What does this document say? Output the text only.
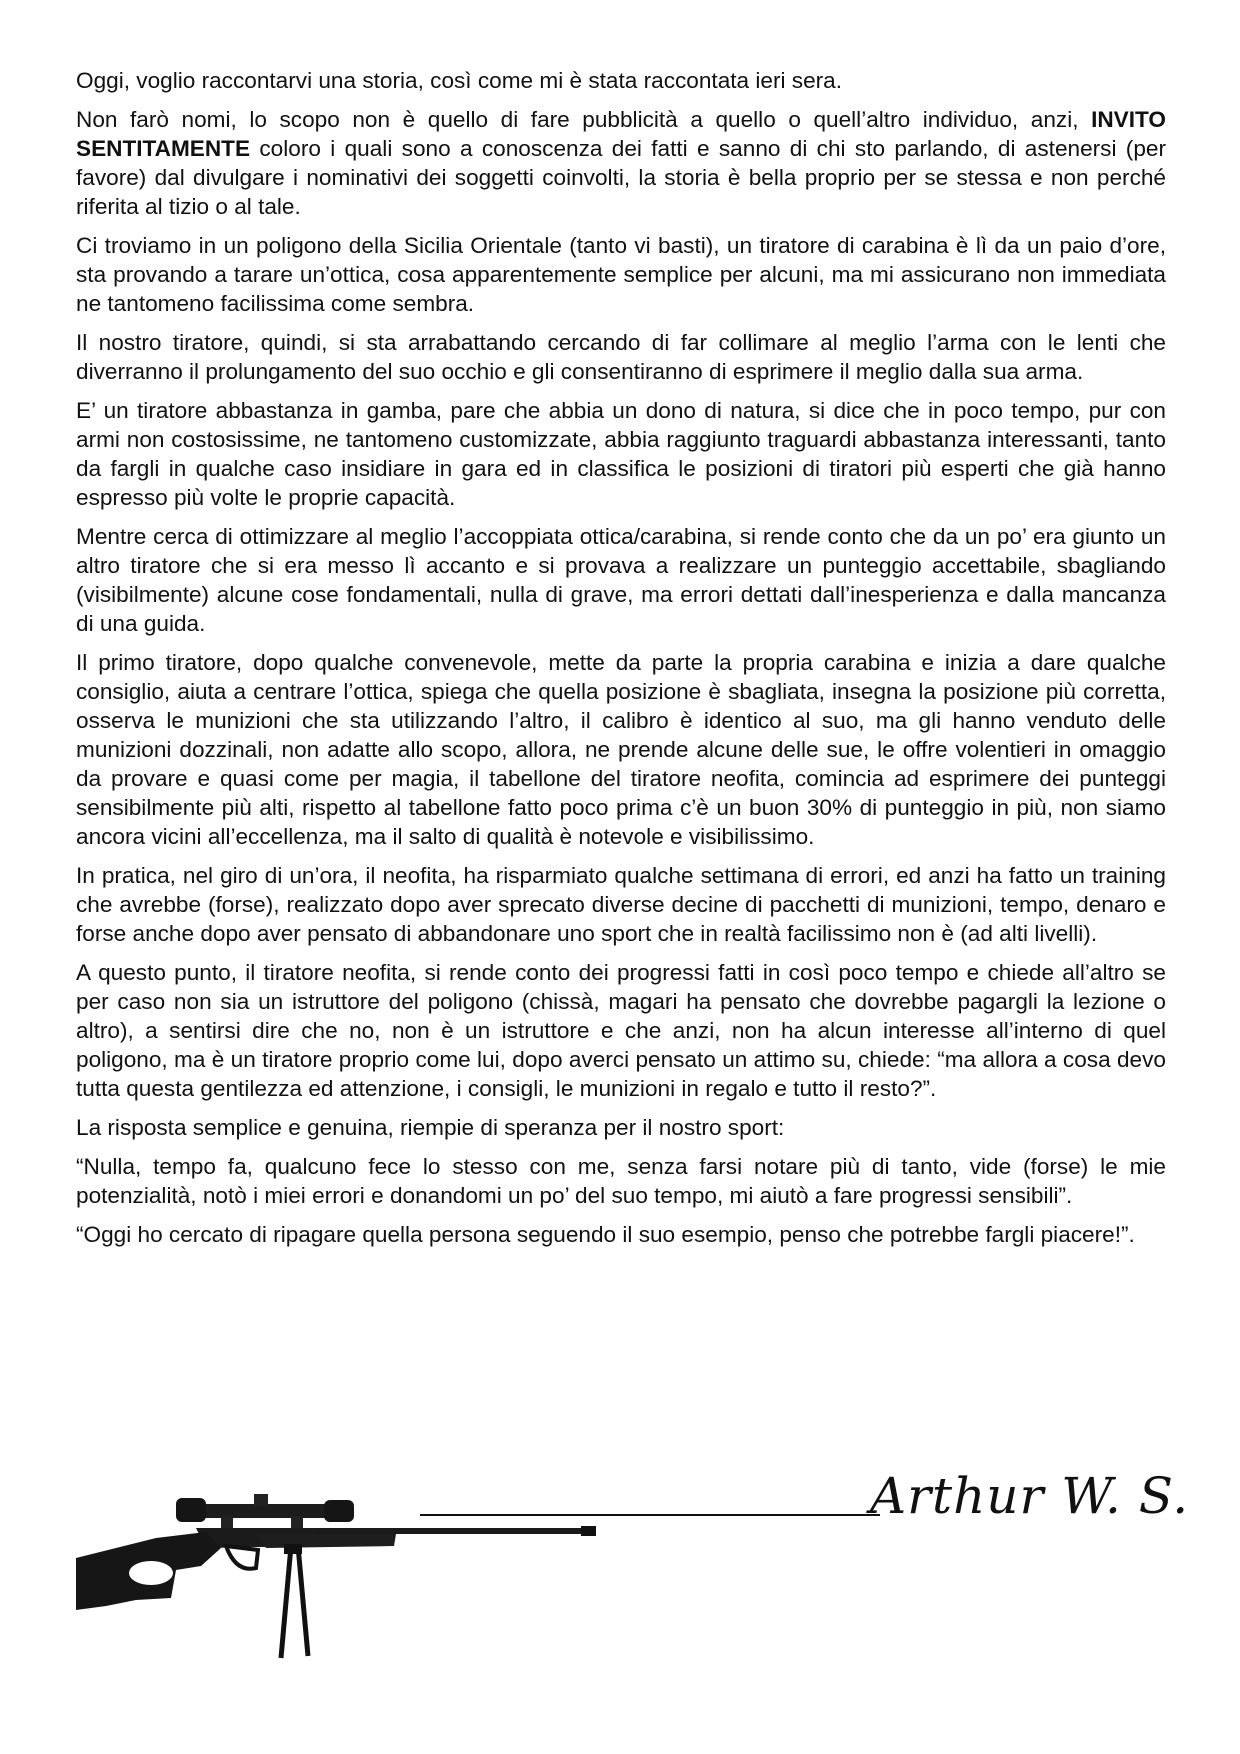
Oggi, voglio raccontarvi una storia, così come mi è stata raccontata ieri sera.

Non farò nomi, lo scopo non è quello di fare pubblicità a quello o quell’altro individuo, anzi, INVITO SENTITAMENTE coloro i quali sono a conoscenza dei fatti e sanno di chi sto parlando, di astenersi (per favore) dal divulgare i nominativi dei soggetti coinvolti, la storia è bella proprio per se stessa e non perché riferita al tizio o al tale.

Ci troviamo in un poligono della Sicilia Orientale (tanto vi basti), un tiratore di carabina è lì da un paio d’ore, sta provando a tarare un’ottica, cosa apparentemente semplice per alcuni, ma mi assicurano non immediata ne tantomeno facilissima come sembra.

Il nostro tiratore, quindi, si sta arrabattando cercando di far collimare al meglio l’arma con le lenti che diverranno il prolungamento del suo occhio e gli consentiranno di esprimere il meglio dalla sua arma.

E’ un tiratore abbastanza in gamba, pare che abbia un dono di natura, si dice che in poco tempo, pur con armi non costosissime, ne tantomeno customizzate, abbia raggiunto traguardi abbastanza interessanti, tanto da fargli in qualche caso insidiare in gara ed in classifica le posizioni di tiratori più esperti che già hanno espresso più volte le proprie capacità.

Mentre cerca di ottimizzare al meglio l’accoppiata ottica/carabina, si rende conto che da un po’ era giunto un altro tiratore che si era messo lì accanto e si provava a realizzare un punteggio accettabile, sbagliando (visibilmente) alcune cose fondamentali, nulla di grave, ma errori dettati dall’inesperienza e dalla mancanza di una guida.

Il primo tiratore, dopo qualche convenevole, mette da parte la propria carabina e inizia a dare qualche consiglio, aiuta a centrare l’ottica, spiega che quella posizione è sbagliata, insegna la posizione più corretta, osserva le munizioni che sta utilizzando l’altro, il calibro è identico al suo, ma gli hanno venduto delle munizioni dozzinali, non adatte allo scopo, allora, ne prende alcune delle sue, le offre volentieri in omaggio da provare e quasi come per magia, il tabellone del tiratore neofita, comincia ad esprimere dei punteggi sensibilmente più alti, rispetto al tabellone fatto poco prima c’è un buon 30% di punteggio in più, non siamo ancora vicini all’eccellenza, ma il salto di qualità è notevole e visibilissimo.

In pratica, nel giro di un’ora, il neofita, ha risparmiato qualche settimana di errori, ed anzi ha fatto un training che avrebbe (forse), realizzato dopo aver sprecato diverse decine di pacchetti di munizioni, tempo, denaro e forse anche dopo aver pensato di abbandonare uno sport che in realtà facilissimo non è (ad alti livelli).

A questo punto, il tiratore neofita, si rende conto dei progressi fatti in così poco tempo e chiede all’altro se per caso non sia un istruttore del poligono (chissà, magari ha pensato che dovrebbe pagargli la lezione o altro), a sentirsi dire che no, non è un istruttore e che anzi, non ha alcun interesse all’interno di quel poligono, ma è un tiratore proprio come lui, dopo averci pensato un attimo su, chiede: “ma allora a cosa devo tutta questa gentilezza ed attenzione, i consigli, le munizioni in regalo e tutto il resto?”.

La risposta semplice e genuina, riempie di speranza per il nostro sport:

“Nulla, tempo fa, qualcuno fece lo stesso con me, senza farsi notare più di tanto, vide (forse) le mie potenzialità, notò i miei errori e donandomi un po’ del suo tempo, mi aiutò a fare progressi sensibili”.

“Oggi ho cercato di ripagare quella persona seguendo il suo esempio, penso che potrebbe fargli piacere!”.

Arthur W. S.
